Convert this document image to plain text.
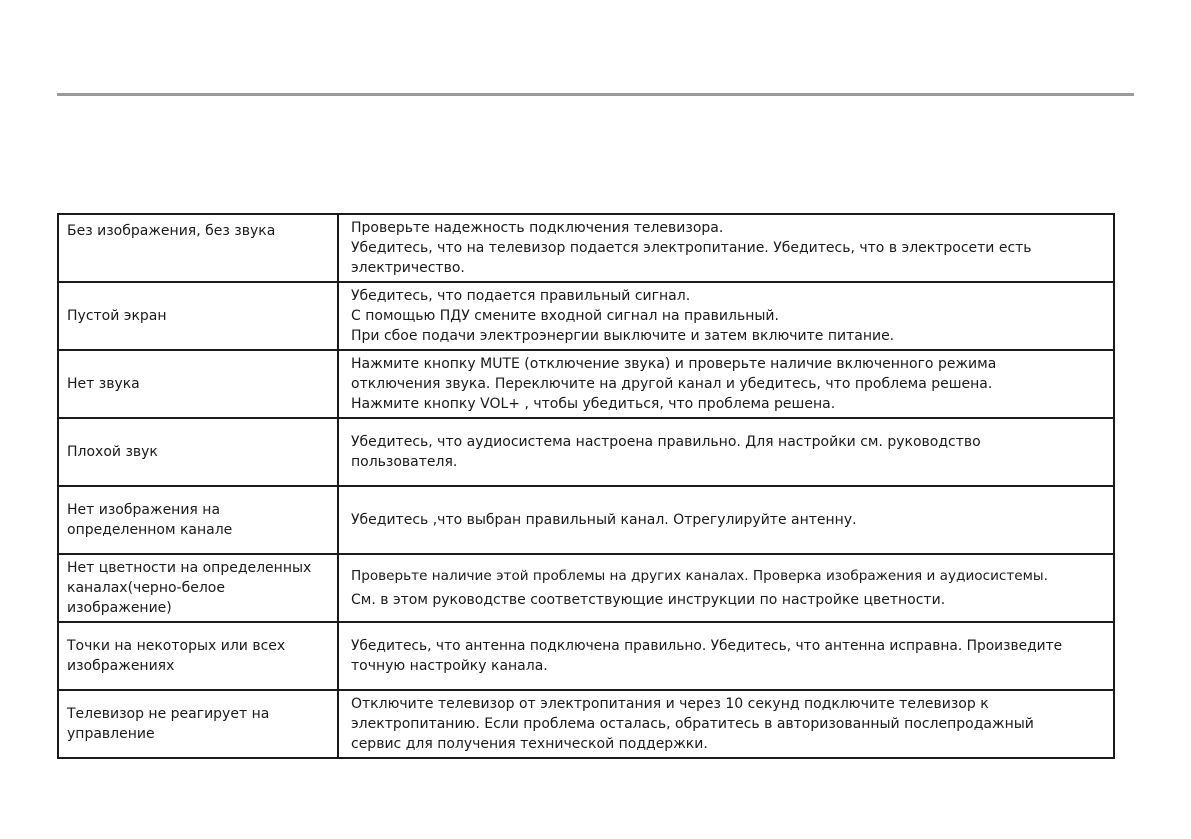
Без изображения, без звука	Проверьте надежность подключения телевизора.
Убедитесь, что на телевизор подается электропитание. Убедитесь, что в электросети есть
электричество.

Пустой экран	Убедитесь, что подается правильный сигнал.
С помощью ПДУ смените входной сигнал на правильный.
При сбое подачи электроэнергии выключите и затем включите питание.

Нет звука	Нажмите кнопку MUTE (отключение звука) и проверьте наличие включенного режима
отключения звука. Переключите на другой канал и убедитесь, что проблема решена.
Нажмите кнопку VOL+ , чтобы убедиться, что проблема решена.

Плохой звук	Убедитесь, что аудиосистема настроена правильно. Для настройки см. руководство
пользователя.

Нет изображения на определенном канале	Убедитесь ,что выбран правильный канал. Отрегулируйте антенну.

Нет цветности на определенных каналах(черно-белое изображение)	Проверьте наличие этой проблемы на других каналах. Проверка изображения и аудиосистемы.
См. в этом руководстве соответствующие инструкции по настройке цветности.

Точки на некоторых или всех изображениях	Убедитесь, что антенна подключена правильно. Убедитесь, что антенна исправна. Произведите
точную настройку канала.

Телевизор не реагирует на управление	Отключите телевизор от электропитания и через 10 секунд подключите телевизор к
электропитанию. Если проблема осталась, обратитесь в авторизованный послепродажный
сервис для получения технической поддержки.
